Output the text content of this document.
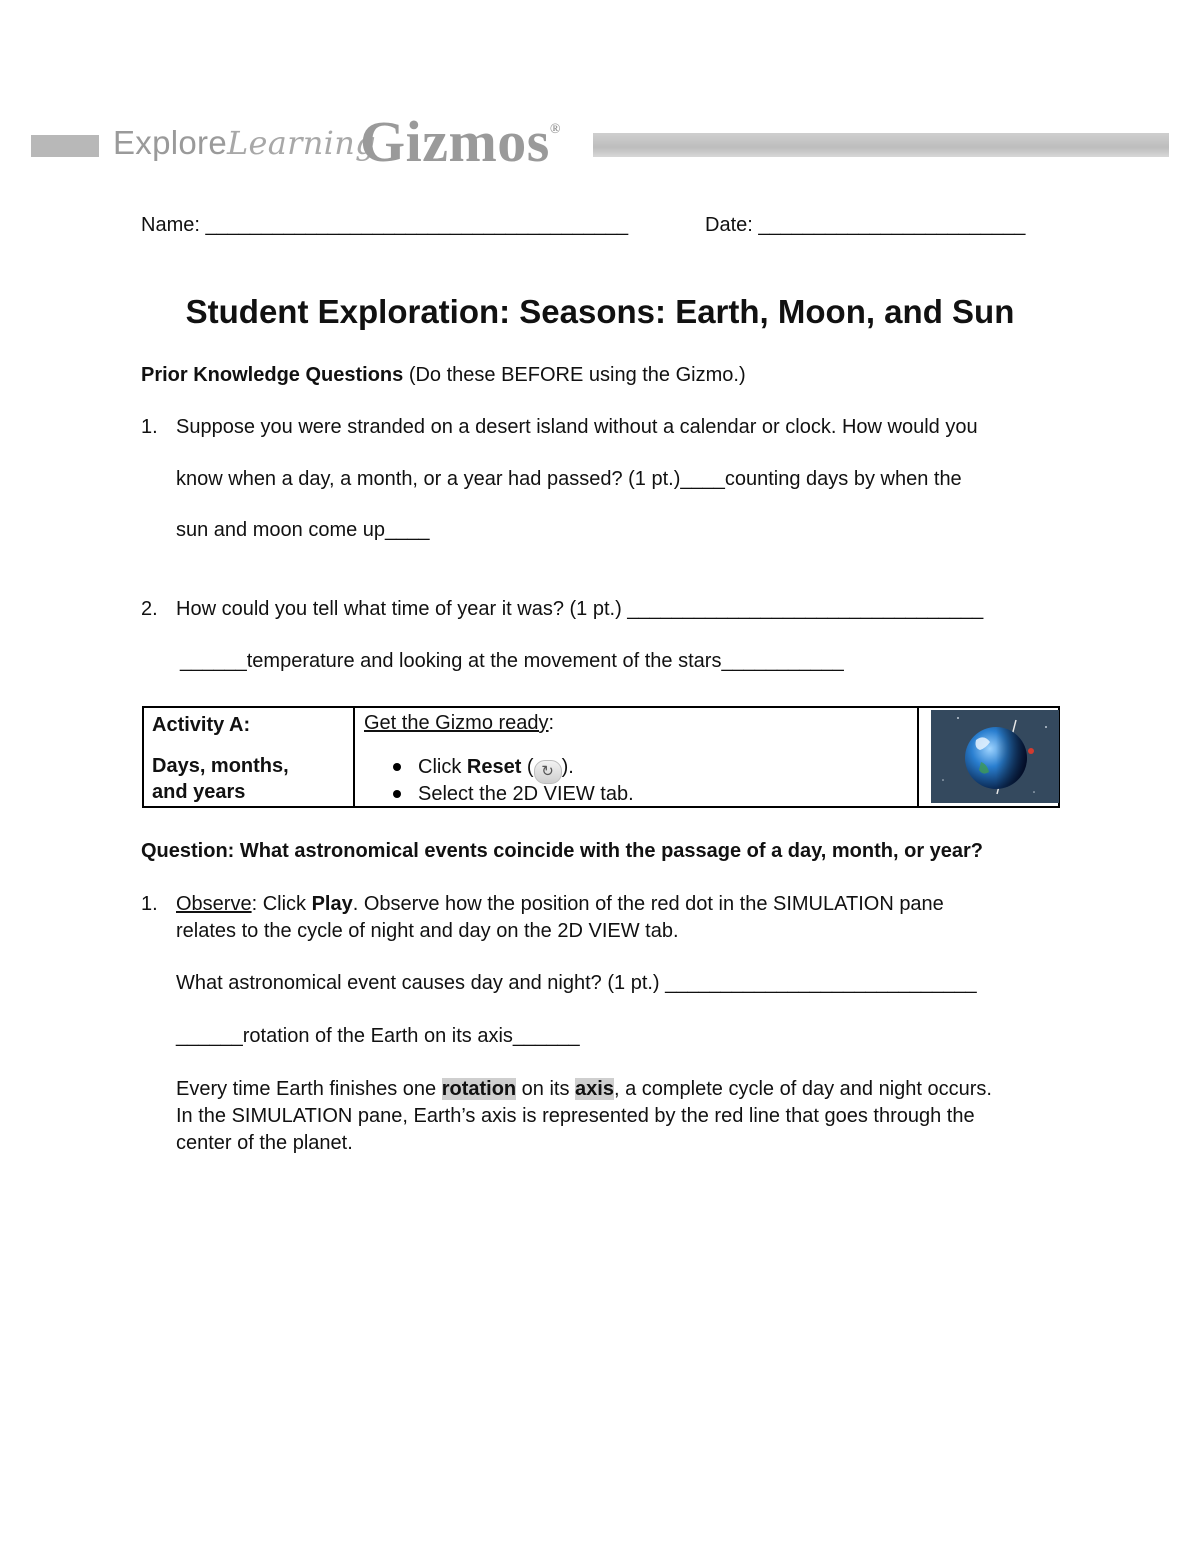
ExploreLearning
Gizmos®
Name: ______________________________________	Date: ________________________
Student Exploration: Seasons: Earth, Moon, and Sun
Prior Knowledge Questions (Do these BEFORE using the Gizmo.)
1. Suppose you were stranded on a desert island without a calendar or clock. How would you
know when a day, a month, or a year had passed? (1 pt.)____counting days by when the
sun and moon come up____
2. How could you tell what time of year it was? (1 pt.) ________________________________
______temperature and looking at the movement of the stars___________
Activity A:
Days, months,
and years
Get the Gizmo ready:
Click Reset ( ↻ ).
Select the 2D VIEW tab.
Question: What astronomical events coincide with the passage of a day, month, or year?
1. Observe: Click Play. Observe how the position of the red dot in the SIMULATION pane
relates to the cycle of night and day on the 2D VIEW tab.
What astronomical event causes day and night? (1 pt.) ____________________________
______rotation of the Earth on its axis______
Every time Earth finishes one rotation on its axis, a complete cycle of day and night occurs.
In the SIMULATION pane, Earth’s axis is represented by the red line that goes through the
center of the planet.
